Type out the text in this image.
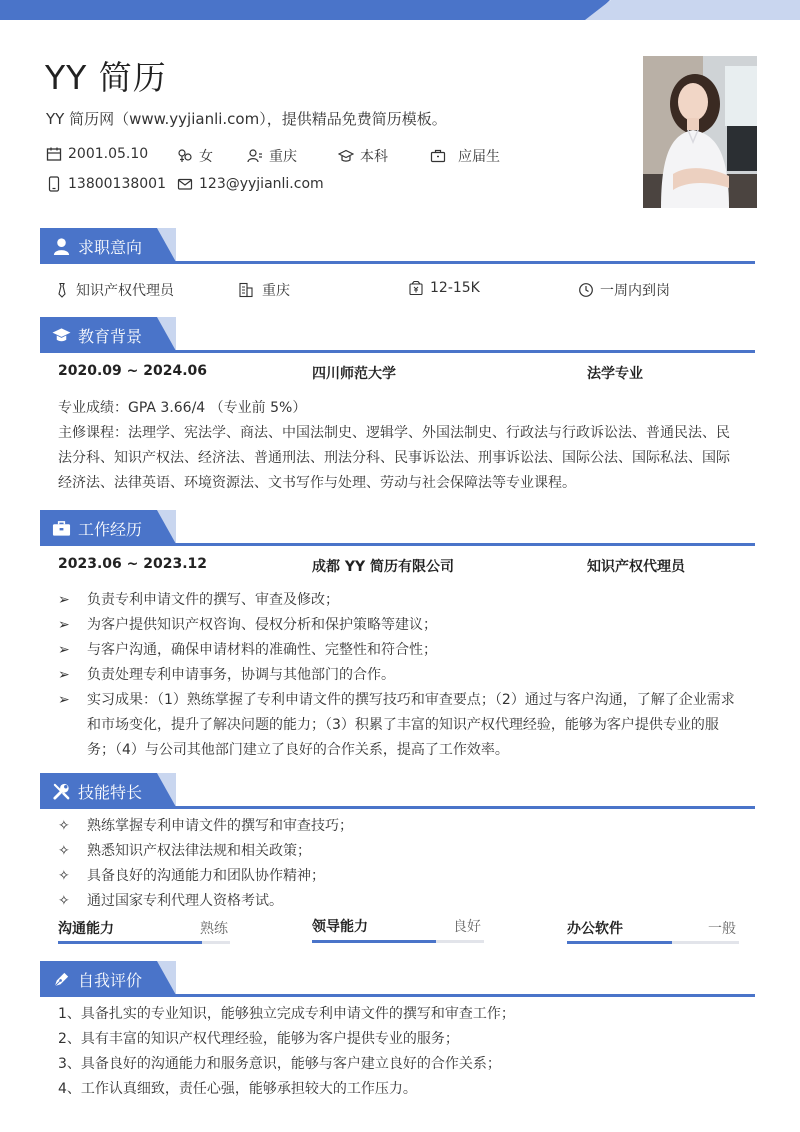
YY 简历
YY 简历网（www.yyjianli.com），提供精品免费简历模板。
2001.05.10	女	重庆	本科	应届生
13800138001 123@yyjianli.com
求职意向
知识产权代理员	重庆	12-15K	一周内到岗
教育背景
2020.09 ~ 2024.06	四川师范大学	法学专业
专业成绩：GPA 3.66/4 （专业前 5%）
主修课程：法理学、宪法学、商法、中国法制史、逻辑学、外国法制史、行政法与行政诉讼法、普通民法、民法分科、知识产权法、经济法、普通刑法、刑法分科、民事诉讼法、刑事诉讼法、国际公法、国际私法、国际经济法、法律英语、环境资源法、文书写作与处理、劳动与社会保障法等专业课程。
工作经历
2023.06 ~ 2023.12	成都 YY 简历有限公司	知识产权代理员
➢	负责专利申请文件的撰写、审查及修改；
➢	为客户提供知识产权咨询、侵权分析和保护策略等建议；
➢	与客户沟通，确保申请材料的准确性、完整性和符合性；
➢	负责处理专利申请事务，协调与其他部门的合作。
➢	实习成果：（1）熟练掌握了专利申请文件的撰写技巧和审查要点；（2）通过与客户沟通，了解了企业需求和市场变化，提升了解决问题的能力；（3）积累了丰富的知识产权代理经验，能够为客户提供专业的服务；（4）与公司其他部门建立了良好的合作关系，提高了工作效率。
技能特长
✧	熟练掌握专利申请文件的撰写和审查技巧；
✧	熟悉知识产权法律法规和相关政策；
✧	具备良好的沟通能力和团队协作精神；
✧	通过国家专利代理人资格考试。
沟通能力	熟练	领导能力	良好	办公软件	一般
自我评价
1、具备扎实的专业知识，能够独立完成专利申请文件的撰写和审查工作；
2、具有丰富的知识产权代理经验，能够为客户提供专业的服务；
3、具备良好的沟通能力和服务意识，能够与客户建立良好的合作关系；
4、工作认真细致，责任心强，能够承担较大的工作压力。
